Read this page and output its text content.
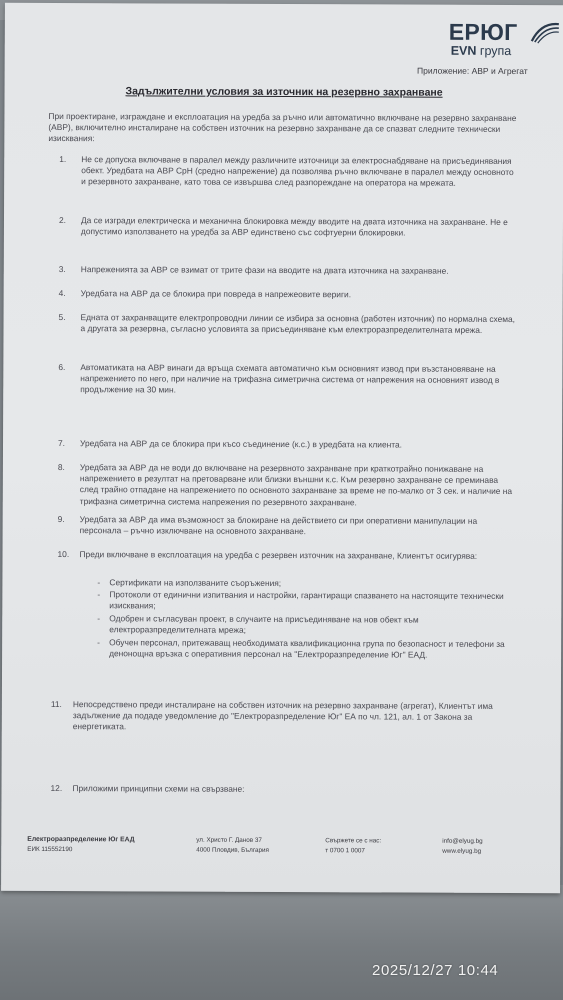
ЕРЮГ
EVN група
Приложение: АВР и Агрегат
Задължителни условия за източник на резервно захранване
При проектиране, изграждане и експлоатация на уредба за ръчно или автоматично включване на резервно захранване (АВР), включително инсталиране на собствен източник на резервно захранване да се спазват следните технически изисквания:
1.	Не се допуска включване в паралел между различните източници за електроснабдяване на присъединявания обект. Уредбата на АВР СрН (средно напрежение) да позволява ръчно включване в паралел между основното и резервното захранване, като това се извършва след разпореждане на оператора на мрежата.
2.	Да се изгради електрическа и механична блокировка между вводите на двата източника на захранване. Не е допустимо използването на уредба за АВР единствено със софтуерни блокировки.
3.	Напреженията за АВР се взимат от трите фази на вводите на двата източника на захранване.
4.	Уредбата на АВР да се блокира при повреда в напрежеовите вериги.
5.	Едната от захранващите електропроводни линии се избира за основна (работен източник) по нормална схема, а другата за резервна, съгласно условията за присъединяване към електроразпределителната мрежа.
6.	Автоматиката на АВР винаги да връща схемата автоматично към основният извод при възстановяване на напрежението по него, при наличие на трифазна симетрична система от напрежения на основният извод в продължение на 30 мин.
7.	Уредбата на АВР да се блокира при късо съединение (к.с.) в уредбата на клиента.
8.	Уредбата за АВР да не води до включване на резервното захранване при краткотрайно понижаване на напрежението в резултат на претоварване или близки външни к.с. Към резервно захранване се преминава след трайно отпадане на напрежението по основното захранване за време не по-малко от 3 сек. и наличие на трифазна симетрична система напрежения по резервното захранване.
9.	Уредбата за АВР да има възможност за блокиране на действието си при оперативни манипулации на персонала – ръчно изключване на основното захранване.
10.	Преди включване в експлоатация на уредба с резервен източник на захранване, Клиентът осигурява:
- Сертификати на използваните съоръжения;
- Протоколи от единични изпитвания и настройки, гарантиращи спазването на настоящите технически изисквания;
- Одобрен и съгласуван проект, в случаите на присъединяване на нов обект към електроразпределителната мрежа;
- Обучен персонал, притежаващ необходимата квалификационна група по безопасност и телефони за денонощна връзка с оперативния персонал на "Електроразпределение Юг" ЕАД.
11.	Непосредствено преди инсталиране на собствен източник на резервно захранване (агрегат), Клиентът има задължение да подаде уведомление до "Електроразпределение Юг" ЕА по чл. 121, ал. 1 от Закона за енергетиката.
12.	Приложими принципни схеми на свързване:
Електроразпределение Юг ЕАД
ЕИК 115552190
ул. Христо Г. Данов 37
4000 Пловдив, България
Свържете се с нас:
т 0700 1 0007
info@elyug.bg
www.elyug.bg
2025/12/27 10:44
